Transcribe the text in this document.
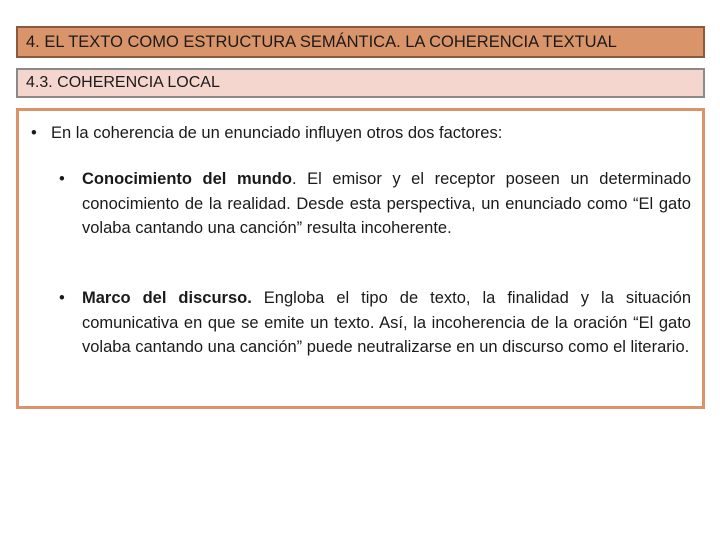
4. EL TEXTO COMO ESTRUCTURA SEMÁNTICA. LA COHERENCIA TEXTUAL
4.3. COHERENCIA LOCAL
• En la coherencia de un enunciado influyen otros dos factores:
•	Conocimiento del mundo. El emisor y el receptor poseen un determinado conocimiento de la realidad. Desde esta perspectiva, un enunciado como “El gato volaba cantando una canción” resulta incoherente.
•	Marco del discurso. Engloba el tipo de texto, la finalidad y la situación comunicativa en que se emite un texto. Así, la incoherencia de la oración “El gato volaba cantando una canción” puede neutralizarse en un discurso como el literario.
